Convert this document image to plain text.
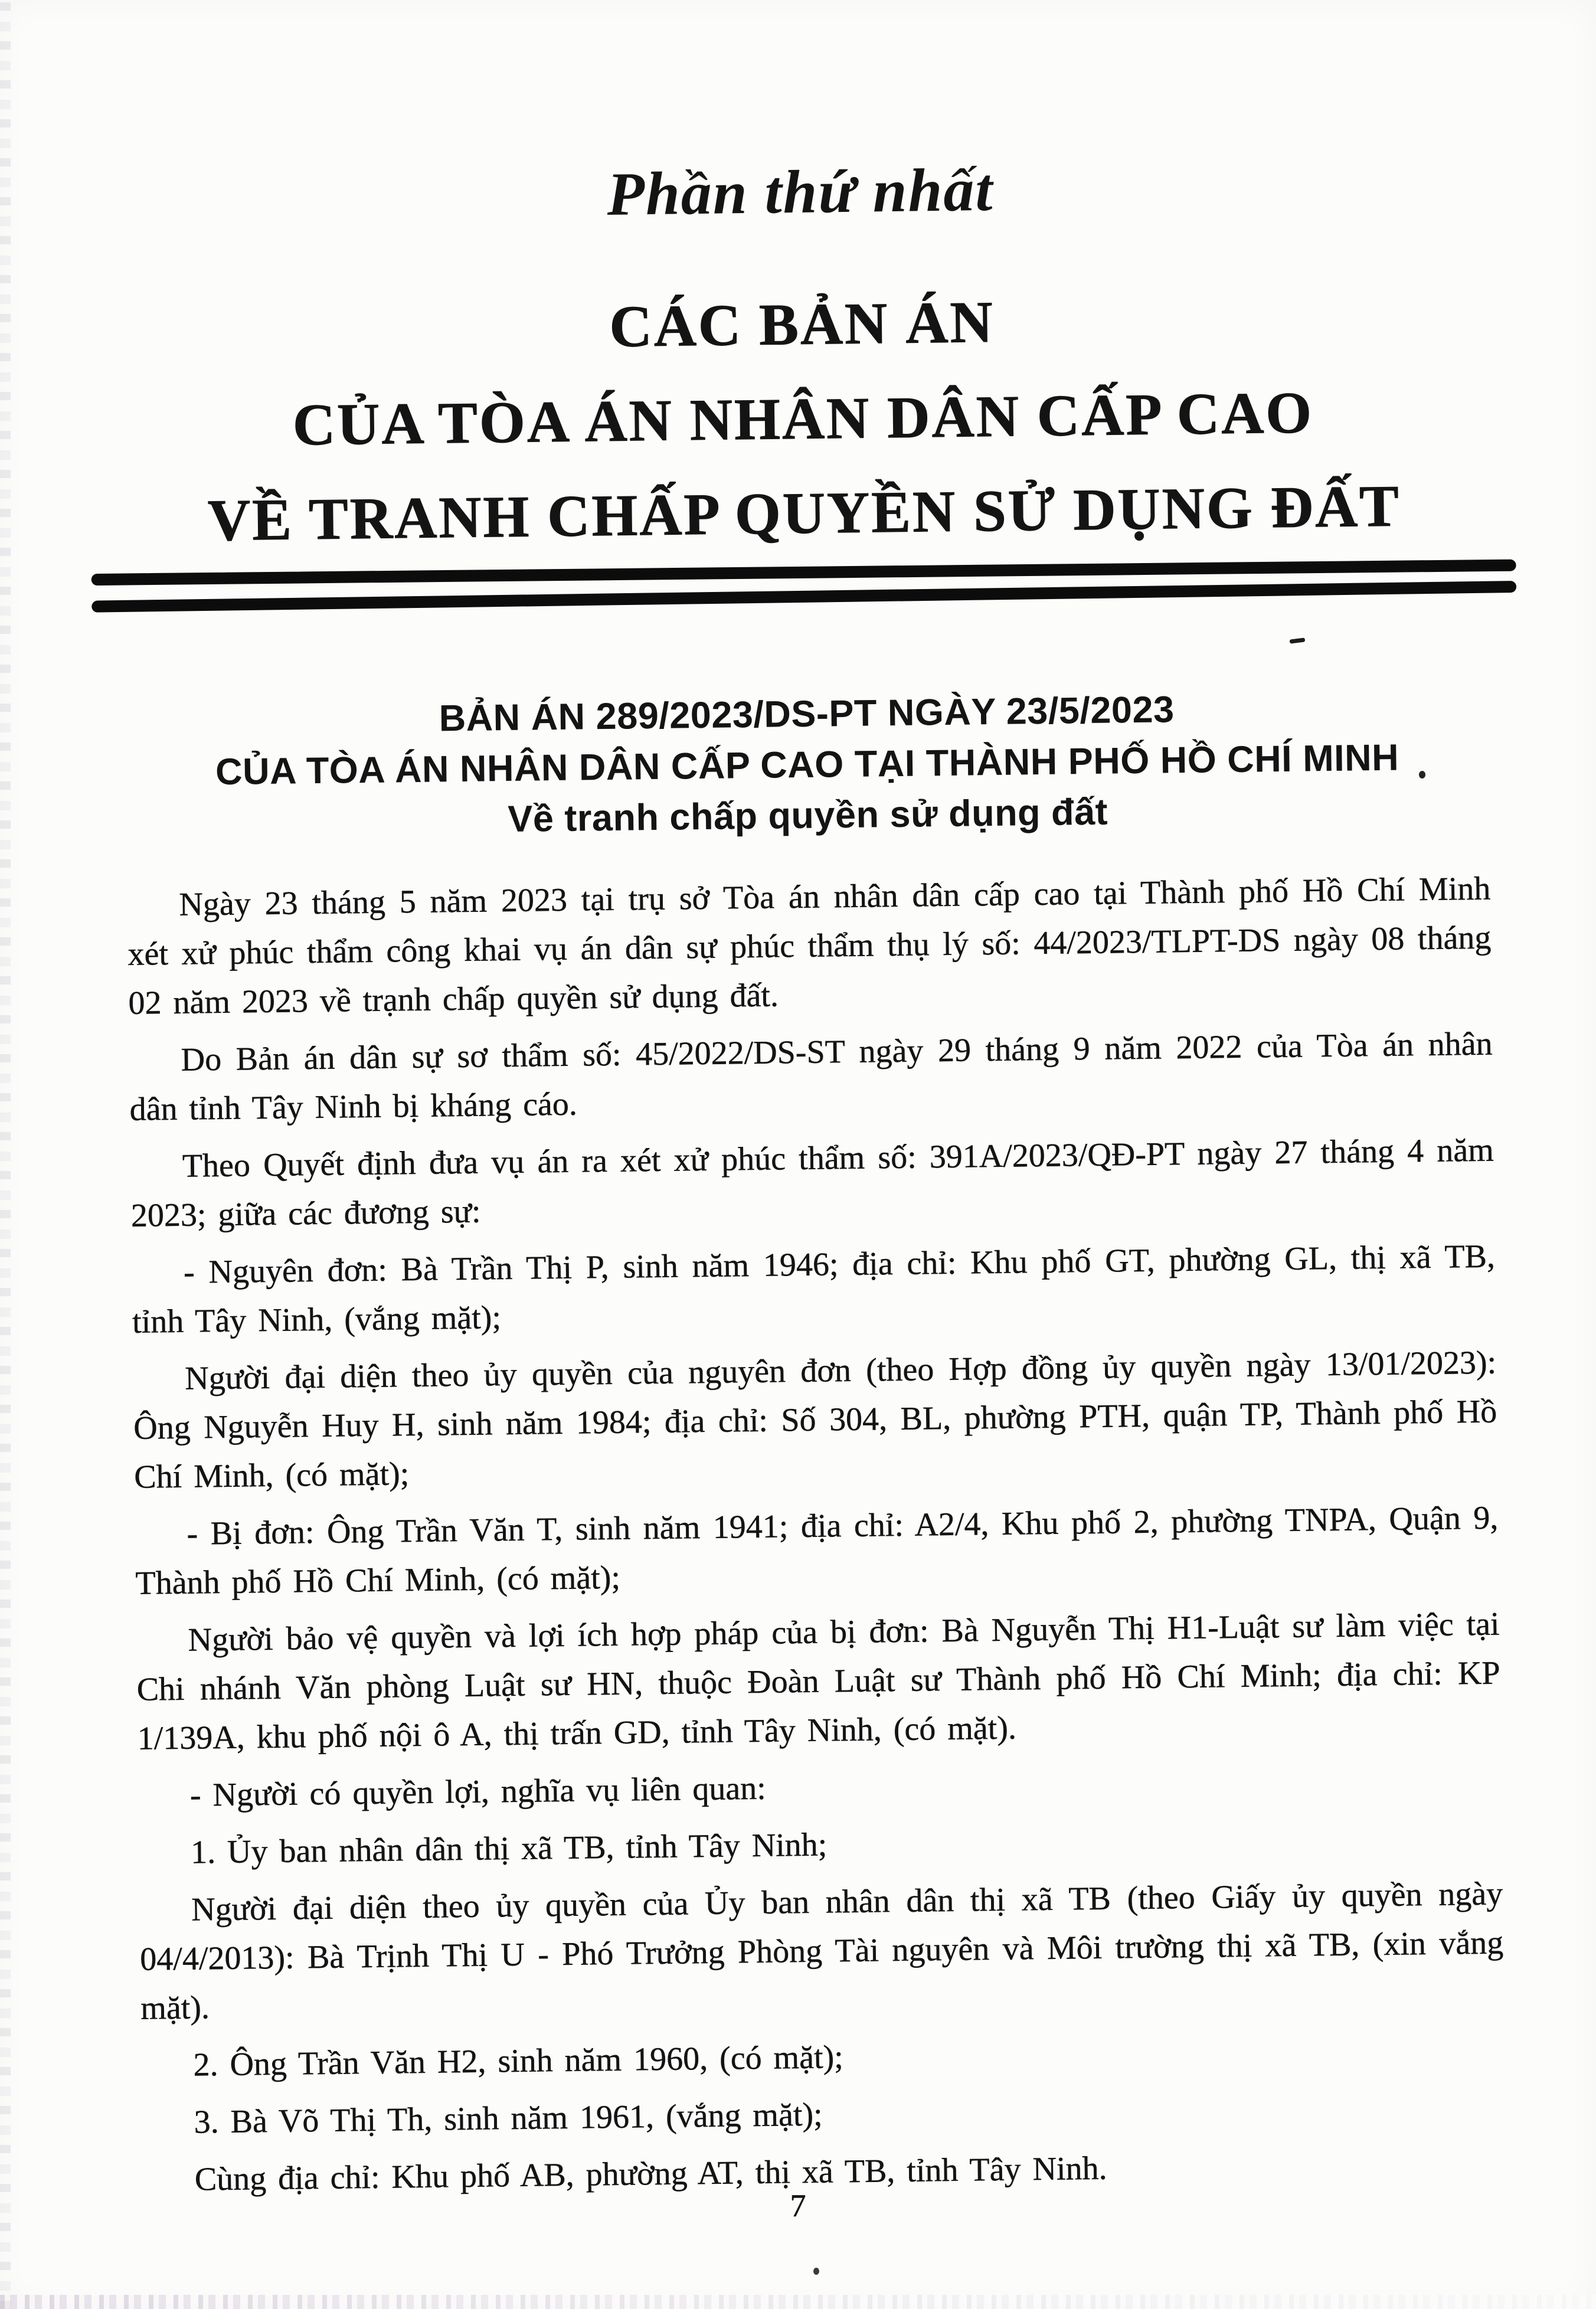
Phần thứ nhất
CÁC BẢN ÁN
CỦA TÒA ÁN NHÂN DÂN CẤP CAO
VỀ TRANH CHẤP QUYỀN SỬ DỤNG ĐẤT
BẢN ÁN 289/2023/DS-PT NGÀY 23/5/2023
CỦA TÒA ÁN NHÂN DÂN CẤP CAO TẠI THÀNH PHỐ HỒ CHÍ MINH
Về tranh chấp quyền sử dụng đất

Ngày 23 tháng 5 năm 2023 tại trụ sở Tòa án nhân dân cấp cao tại Thành phố Hồ Chí Minh xét xử phúc thẩm công khai vụ án dân sự phúc thẩm thụ lý số: 44/2023/TLPT-DS ngày 08 tháng 02 năm 2023 về trạnh chấp quyền sử dụng đất.

Do Bản án dân sự sơ thẩm số: 45/2022/DS-ST ngày 29 tháng 9 năm 2022 của Tòa án nhân dân tỉnh Tây Ninh bị kháng cáo.

Theo Quyết định đưa vụ án ra xét xử phúc thẩm số: 391A/2023/QĐ-PT ngày 27 tháng 4 năm 2023; giữa các đương sự:

- Nguyên đơn: Bà Trần Thị P, sinh năm 1946; địa chỉ: Khu phố GT, phường GL, thị xã TB, tỉnh Tây Ninh, (vắng mặt);

Người đại diện theo ủy quyền của nguyên đơn (theo Hợp đồng ủy quyền ngày 13/01/2023): Ông Nguyễn Huy H, sinh năm 1984; địa chỉ: Số 304, BL, phường PTH, quận TP, Thành phố Hồ Chí Minh, (có mặt);

- Bị đơn: Ông Trần Văn T, sinh năm 1941; địa chỉ: A2/4, Khu phố 2, phường TNPA, Quận 9, Thành phố Hồ Chí Minh, (có mặt);

Người bảo vệ quyền và lợi ích hợp pháp của bị đơn: Bà Nguyễn Thị H1-Luật sư làm việc tại Chi nhánh Văn phòng Luật sư HN, thuộc Đoàn Luật sư Thành phố Hồ Chí Minh; địa chỉ: KP 1/139A, khu phố nội ô A, thị trấn GD, tỉnh Tây Ninh, (có mặt).

- Người có quyền lợi, nghĩa vụ liên quan:

1. Ủy ban nhân dân thị xã TB, tỉnh Tây Ninh;

Người đại diện theo ủy quyền của Ủy ban nhân dân thị xã TB (theo Giấy ủy quyền ngày 04/4/2013): Bà Trịnh Thị U - Phó Trưởng Phòng Tài nguyên và Môi trường thị xã TB, (xin vắng mặt).

2. Ông Trần Văn H2, sinh năm 1960, (có mặt);

3. Bà Võ Thị Th, sinh năm 1961, (vắng mặt);

Cùng địa chỉ: Khu phố AB, phường AT, thị xã TB, tỉnh Tây Ninh.

7
